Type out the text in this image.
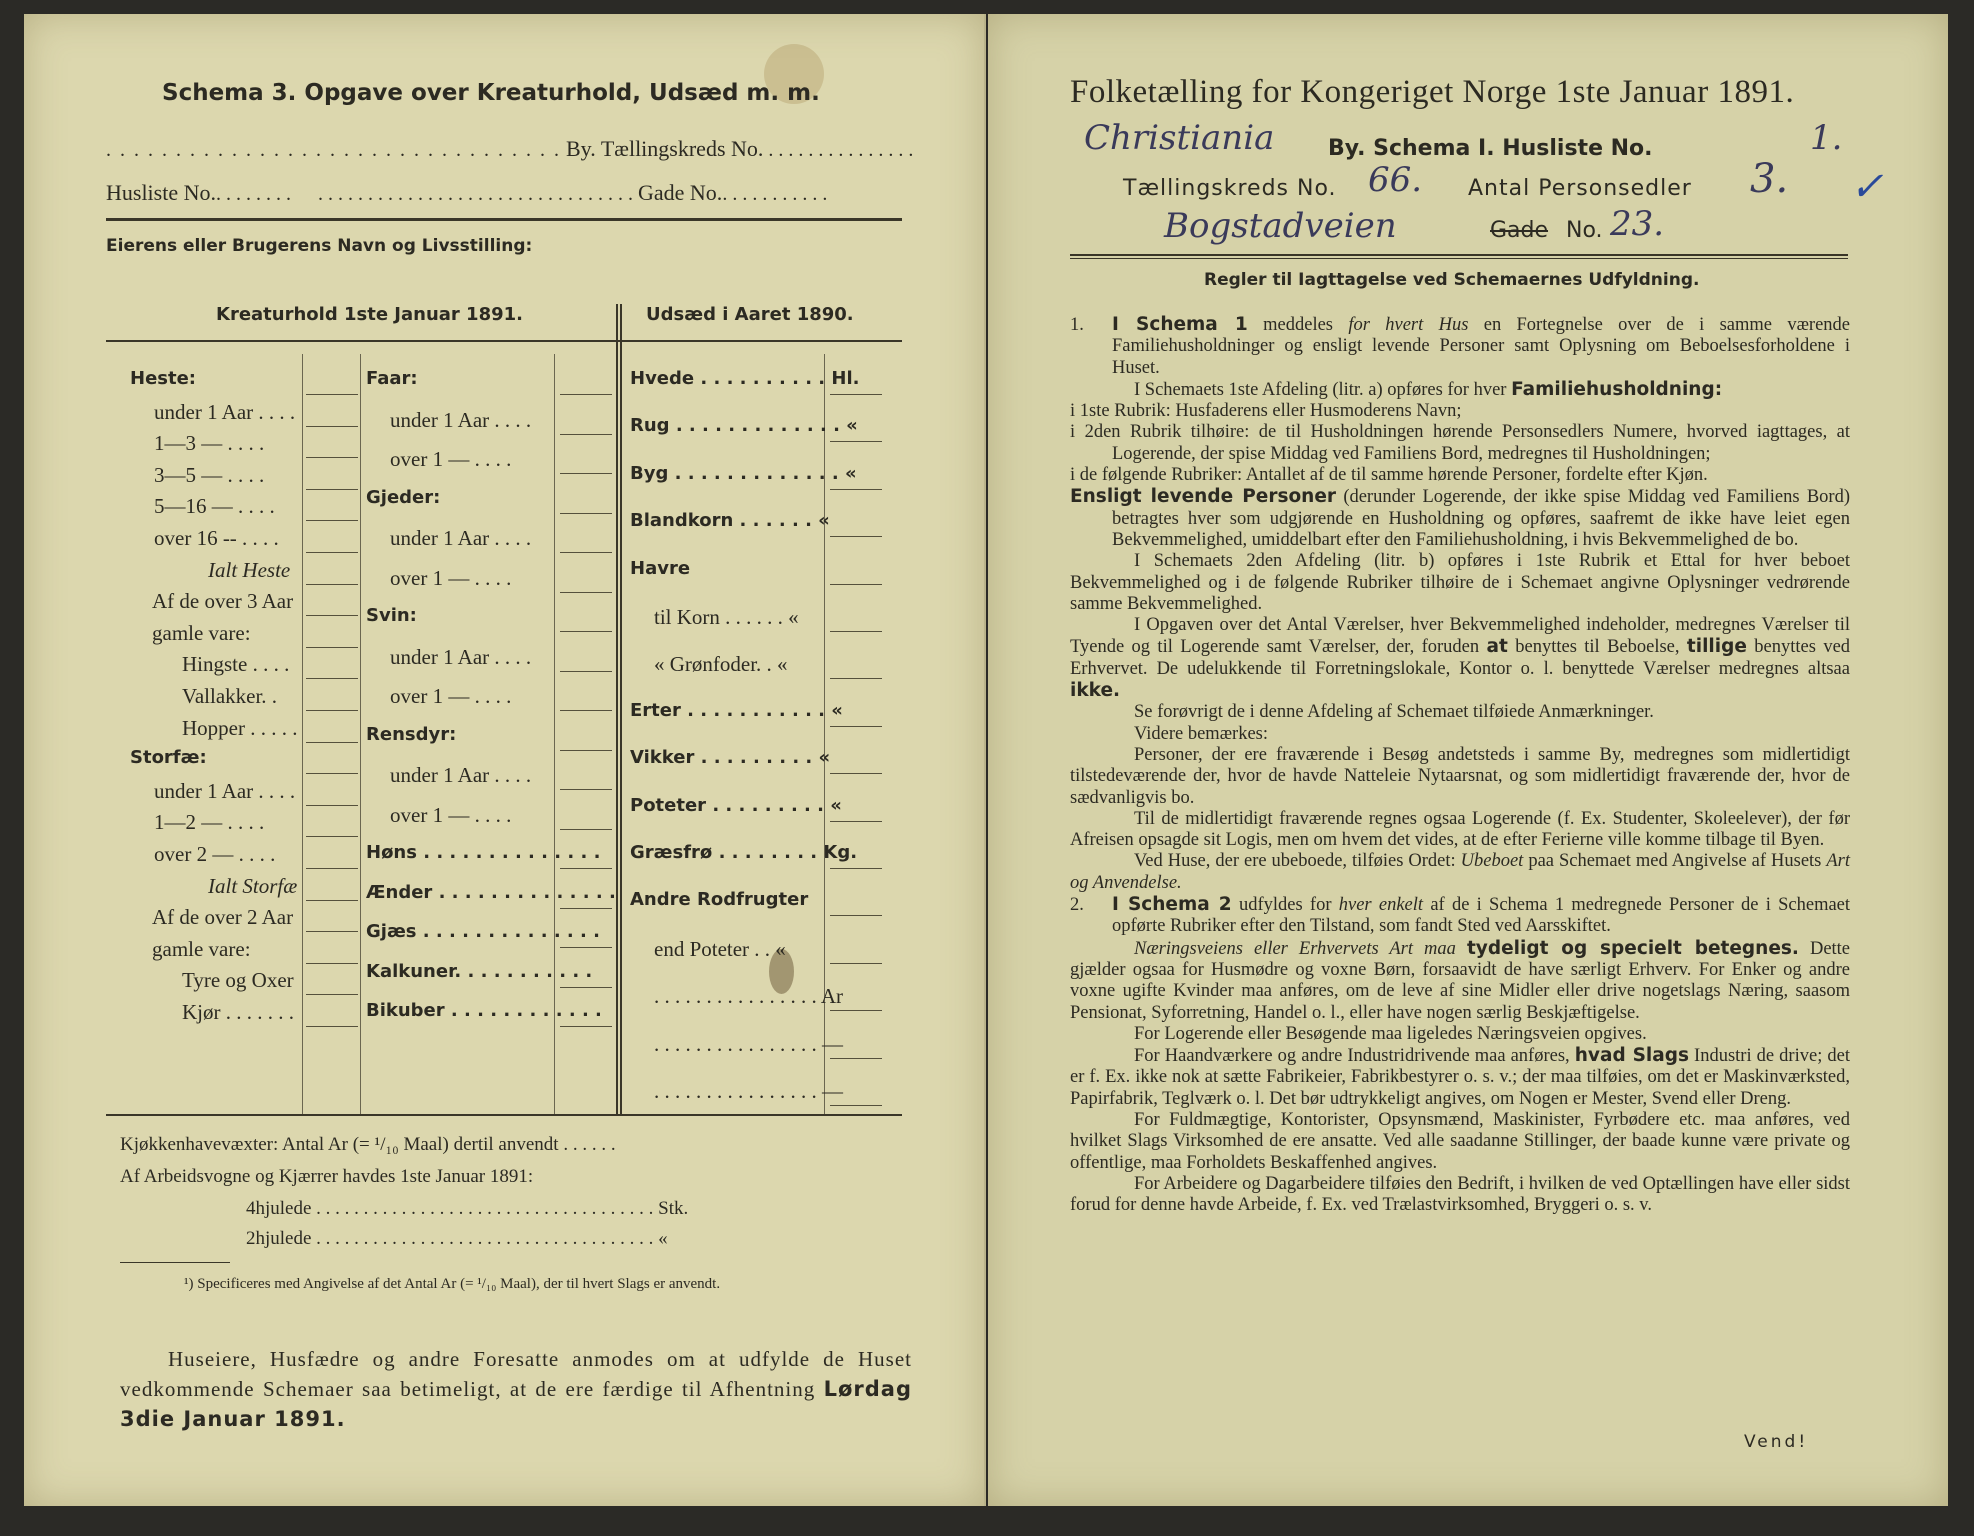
Schema 3. Opgave over Kreaturhold, Udsæd m. m.
. . . . . . . . . . . . . . . . . . . . . . . . . . . . . . . . . By. Tællingskreds No. . . . . . . . . . . . . . . .
Husliste No.. . . . . . . . . . . . . . . . . . . . . . . . . . . . . . . . . . . . . . . . Gade No.. . . . . . . . . . .
Eierens eller Brugerens Navn og Livsstilling:
Kreaturhold 1ste Januar 1891.	Udsæd i Aaret 1890.
Heste:
under 1 Aar . . . .
1—3 — . . . .
3—5 — . . . .
5—16 — . . . .
over 16 -- . . . .
Ialt Heste
Af de over 3 Aar
gamle vare:
Hingste . . . .
Vallakker. .
Hopper . . . . .
Storfæ:
under 1 Aar . . . .
1—2 — . . . .
over 2 — . . . .
Ialt Storfæ
Af de over 2 Aar
gamle vare:
Tyre og Oxer
Kjør . . . . . . .
Faar:
under 1 Aar . . . .
over 1 — . . . .
Gjeder:
under 1 Aar . . . .
over 1 — . . . .
Svin:
under 1 Aar . . . .
over 1 — . . . .
Rensdyr:
under 1 Aar . . . .
over 1 — . . . .
Høns . . . . . . . . . . . . . .
Ænder . . . . . . . . . . . . . .
Gjæs . . . . . . . . . . . . . .
Kalkuner. . . . . . . . . . .
Bikuber . . . . . . . . . . . .
Hvede . . . . . . . . . . Hl.
Rug . . . . . . . . . . . . . «
Byg . . . . . . . . . . . . . «
Blandkorn . . . . . . «
Havre
til Korn . . . . . . «
« Grønfoder. . «
Erter . . . . . . . . . . . «
Vikker . . . . . . . . . «
Poteter . . . . . . . . . «
Græsfrø . . . . . . . . Kg.
Andre Rodfrugter
end Poteter . . «
. . . . . . . . . . . . . . . . Ar
. . . . . . . . . . . . . . . . —
. . . . . . . . . . . . . . . . —
Kjøkkenhavevæxter: Antal Ar (= ¹/₁₀ Maal) dertil anvendt . . . . . .
Af Arbeidsvogne og Kjærrer havdes 1ste Januar 1891:
4hjulede . . . . . . . . . . . . . . . . . . . . . . . . . . . . . . . . . . . . Stk.
2hjulede . . . . . . . . . . . . . . . . . . . . . . . . . . . . . . . . . . . . «
¹) Specificeres med Angivelse af det Antal Ar (= ¹/₁₀ Maal), der til hvert Slags er anvendt.
Huseiere, Husfædre og andre Foresatte anmodes om at udfylde de Huset vedkommende Schemaer saa betimeligt, at de ere færdige til Afhentning Lørdag 3die Januar 1891.
Folketælling for Kongeriget Norge 1ste Januar 1891.
Christiania By. Schema I. Husliste No.	1.
Tællingskreds No. 66. Antal Personsedler 3. ✓
Bogstadveien	Gade No. 23.
Regler til Iagttagelse ved Schemaernes Udfyldning.

1. I Schema 1 meddeles for hvert Hus en Fortegnelse over de i samme værende Familiehusholdninger og ensligt levende Personer samt Oplysning om Beboelsesforholdene i Huset.

I Schemaets 1ste Afdeling (litr. a) opføres for hver Familiehusholdning:

i 1ste Rubrik: Husfaderens eller Husmoderens Navn;

i 2den Rubrik tilhøire: de til Husholdningen hørende Personsedlers Numere, hvorved iagttages, at Logerende, der spise Middag ved Familiens Bord, medregnes til Husholdningen;

i de følgende Rubriker: Antallet af de til samme hørende Personer, fordelte efter Kjøn.

Ensligt levende Personer (derunder Logerende, der ikke spise Middag ved Familiens Bord) betragtes hver som udgjørende en Husholdning og opføres, saafremt de ikke have leiet egen Bekvemmelighed, umiddelbart efter den Familiehusholdning, i hvis Bekvemmelighed de bo.

I Schemaets 2den Afdeling (litr. b) opføres i 1ste Rubrik et Ettal for hver beboet Bekvemmelighed og i de følgende Rubriker tilhøire de i Schemaet angivne Oplysninger vedrørende samme Bekvemmelighed.

I Opgaven over det Antal Værelser, hver Bekvemmelighed indeholder, medregnes Værelser til Tyende og til Logerende samt Værelser, der, foruden at benyttes til Beboelse, tillige benyttes ved Erhvervet. De udelukkende til Forretningslokale, Kontor o. l. benyttede Værelser medregnes altsaa ikke.

Se forøvrigt de i denne Afdeling af Schemaet tilføiede Anmærkninger.

Videre bemærkes:

Personer, der ere fraværende i Besøg andetsteds i samme By, medregnes som midlertidigt tilstedeværende der, hvor de havde Natteleie Nytaarsnat, og som midlertidigt fraværende der, hvor de sædvanligvis bo.

Til de midlertidigt fraværende regnes ogsaa Logerende (f. Ex. Studenter, Skoleelever), der før Afreisen opsagde sit Logis, men om hvem det vides, at de efter Ferierne ville komme tilbage til Byen.

Ved Huse, der ere ubeboede, tilføies Ordet: Ubeboet paa Schemaet med Angivelse af Husets Art og Anvendelse.

2. I Schema 2 udfyldes for hver enkelt af de i Schema 1 medregnede Personer de i Schemaet opførte Rubriker efter den Tilstand, som fandt Sted ved Aarsskiftet.

Næringsveiens eller Erhvervets Art maa tydeligt og specielt betegnes. Dette gjælder ogsaa for Husmødre og voxne Børn, forsaavidt de have særligt Erhverv. For Enker og andre voxne ugifte Kvinder maa anføres, om de leve af sine Midler eller drive nogetslags Næring, saasom Pensionat, Syforretning, Handel o. l., eller have nogen særlig Beskjæftigelse.

For Logerende eller Besøgende maa ligeledes Næringsveien opgives.

For Haandværkere og andre Industridrivende maa anføres, hvad Slags Industri de drive; det er f. Ex. ikke nok at sætte Fabrikeier, Fabrikbestyrer o. s. v.; der maa tilføies, om det er Maskinværksted, Papirfabrik, Teglværk o. l. Det bør udtrykkeligt angives, om Nogen er Mester, Svend eller Dreng.

For Fuldmægtige, Kontorister, Opsynsmænd, Maskinister, Fyrbødere etc. maa anføres, ved hvilket Slags Virksomhed de ere ansatte. Ved alle saadanne Stillinger, der baade kunne være private og offentlige, maa Forholdets Beskaffenhed angives.

For Arbeidere og Dagarbeidere tilføies den Bedrift, i hvilken de ved Optællingen have eller sidst forud for denne havde Arbeide, f. Ex. ved Trælastvirksomhed, Bryggeri o. s. v.

Vend!
